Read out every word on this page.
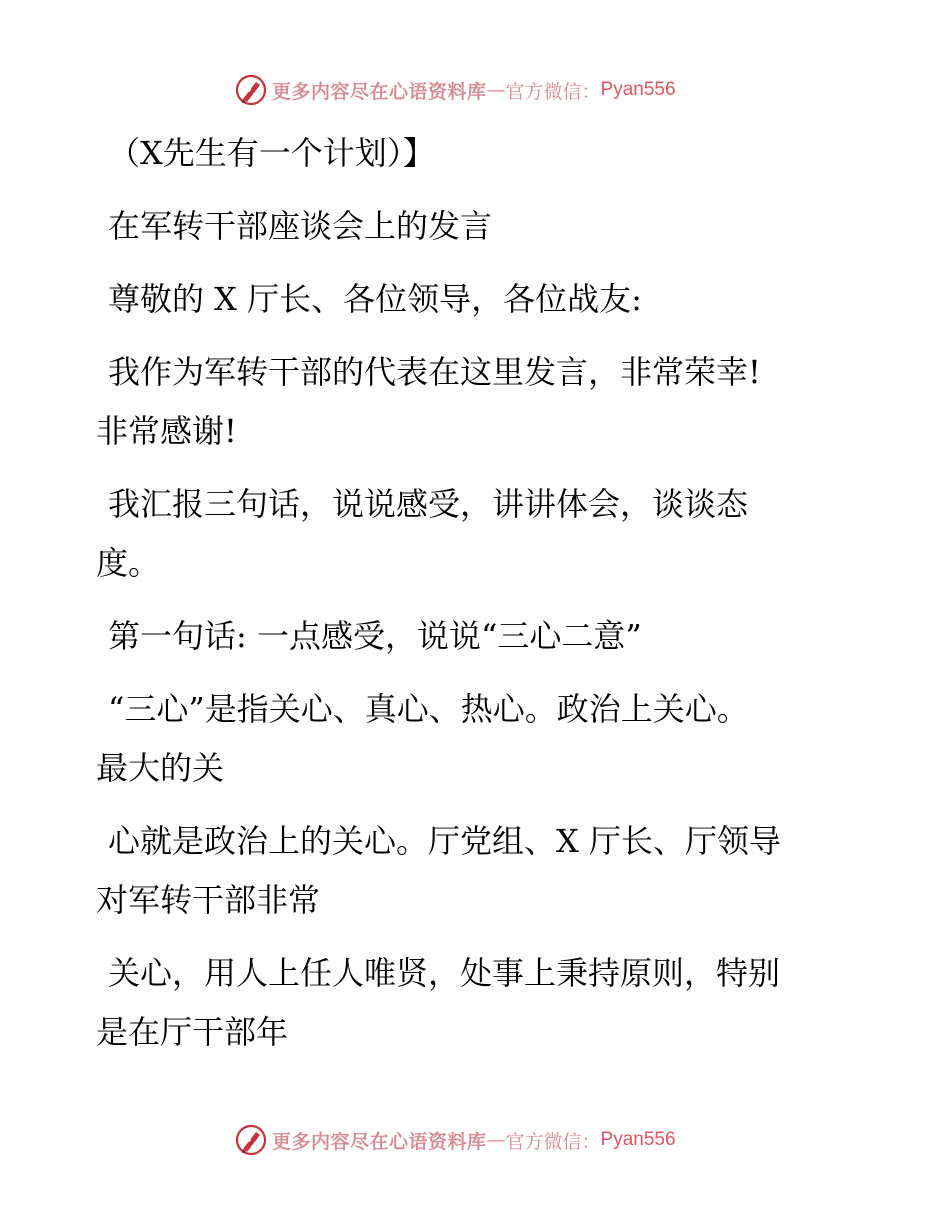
更多内容尽在心语资料库 — 官方微信： Pyan556
（X先生有一个计划）】
在军转干部座谈会上的发言
尊敬的 X 厅长、各位领导，各位战友:
我作为军转干部的代表在这里发言，非常荣幸!
非常感谢!
我汇报三句话，说说感受，讲讲体会，谈谈态
度。
第一句话: 一点感受，说说“三心二意”
“三心”是指关心、真心、热心。政治上关心。
最大的关
心就是政治上的关心。厅党组、X 厅长、厅领导
对军转干部非常
关心，用人上任人唯贤，处事上秉持原则，特别
是在厅干部年
更多内容尽在心语资料库 — 官方微信： Pyan556
